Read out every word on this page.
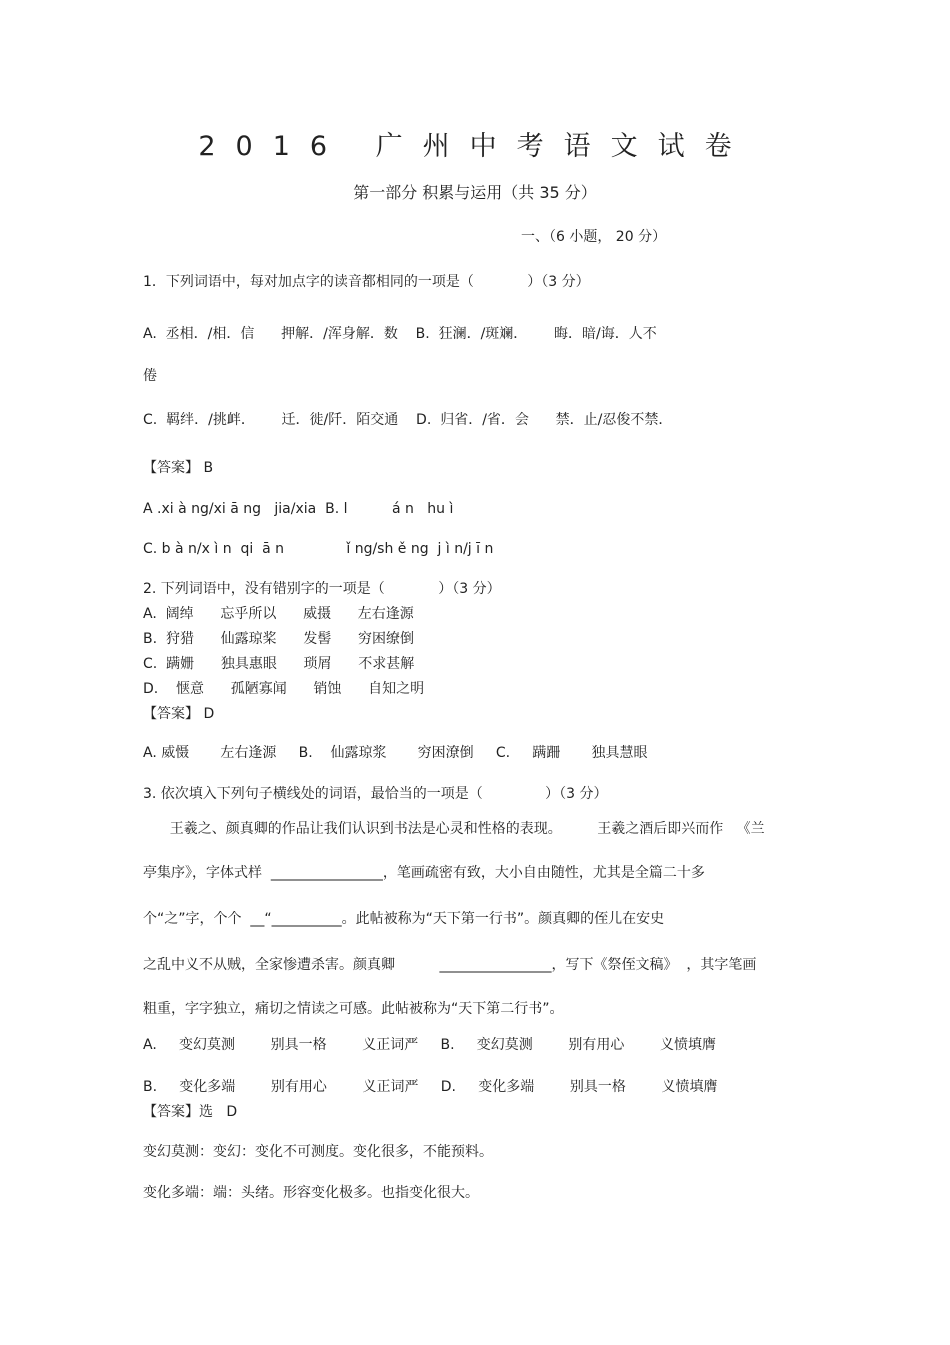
2016 广州中考语文试卷
第一部分 积累与运用（共 35 分）
一、（6 小题， 20 分）
1．下列词语中，每对加点字的读音都相同的一项是（            ）（3 分）
A.  丞相．/相．信      押解．/浑身解．数    B.  狂澜．/斑斓．      晦．暗/诲．人不
倦
C.  羁绊．/挑衅．      迁．徙/阡．陌交通    D.  归省．/省．会      禁．止/忍俊不禁．
【答案】 B
A .xi à ng/xi ā ng   jia/xia  B. l          á n   hu ì
C. b à n/x ì n  qi  ā n              ǐ ng/sh ě ng  j ì n/j ī n
2. 下列词语中，没有错别字的一项是（            ）（3 分）
A.  阔绰      忘乎所以      威摄      左右逢源
B.  狩猎      仙露琼桨      发髻      穷困缭倒
C.  蹒姗      独具惠眼      琐屑      不求甚解
D.    惬意      孤陋寡闻      销蚀      自知之明
【答案】 D
A. 威慑       左右逢源     B.    仙露琼浆       穷困潦倒     C.     蹒跚       独具慧眼
3. 依次填入下列句子横线处的词语，最恰当的一项是（              ）（3 分）
王羲之、颜真卿的作品让我们认识到书法是心灵和性格的表现。        王羲之酒后即兴而作   《兰
亭集序》，字体式样  ________________，笔画疏密有致，大小自由随性，尤其是全篇二十多
个“之”字，个个  __“__________。此帖被称为“天下第一行书”。颜真卿的侄儿在安史
之乱中义不从贼，全家惨遭杀害。颜真卿          ________________，写下《祭侄文稿》  ，其字笔画
粗重，字字独立，痛切之情读之可感。此帖被称为“天下第二行书”。
A.     变幻莫测        别具一格        义正词严     B.     变幻莫测        别有用心        义愤填膺
B.     变化多端        别有用心        义正词严     D.     变化多端        别具一格        义愤填膺
【答案】选   D
变幻莫测：变幻：变化不可测度。变化很多，不能预料。
变化多端：端：头绪。形容变化极多。也指变化很大。
